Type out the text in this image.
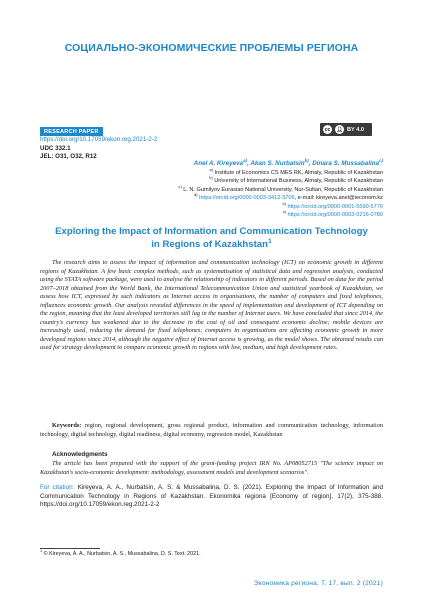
СОЦИАЛЬНО-ЭКОНОМИЧЕСКИЕ ПРОБЛЕМЫ РЕГИОНА
RESEARCH PAPER
https://doi.org/10.17059/ekon.reg.2021-2-2
UDC 332.1
JEL: O31, O32, R12
cc	👤︎ BY 4.0
Anel A. Kireyeva$^{a)}$, Akan S. Nurbatsin$^{b)}$, Dinara S. Mussabalina$^{c)}$
$^{a)}$ Institute of Economics CS MES RK, Almaty, Republic of Kazakhstan
$^{b)}$ University of International Business, Almaty, Republic of Kazakhstan
$^{c)}$ L. N. Gumilyov Eurasian National University, Nur-Sultan, Republic of Kazakhstan
$^{a)}$ https://orcid.org/0000-0003-3412-3706, e-mail: kireyeva.anel@ieconom.kz
$^{b)}$ https://orcid.org/0000-0001-5590-5776
$^{c)}$ https://orcid.org/0000-0003-0216-0780
Exploring the Impact of Information and Communication Technology in Regions of Kazakhstan$^1$
The research aims to assess the impact of information and communication technology (ICT) on economic growth in different regions of Kazakhstan. A few basic complex methods, such as systematisation of statistical data and regression analysis, conducted using the STATA software package, were used to analyse the relationship of indicators in different periods. Based on data for the period 2007–2018 obtained from the World Bank, the International Telecommunication Union and statistical yearbook of Kazakhstan, we assess how ICT, expressed by such indicators as Internet access in organisations, the number of computers and fixed telephones, influences economic growth. Our analysis revealed differences in the speed of implementation and development of ICT depending on the region, meaning that the least developed territories still lag in the number of Internet users. We have concluded that since 2014, the country's currency has weakened due to the decrease in the cost of oil and consequent economic decline; mobile devices are increasingly used, reducing the demand for fixed telephones; computers in organisations are affecting economic growth in more developed regions since 2014, although the negative effect of Internet access is growing, as the model shows. The obtained results can used for strategy development to compare economic growth in regions with low, medium, and high development rates.
Keywords: region, regional development, gross regional product, information and communication technology, information technology, digital technology, digital readiness, digital economy, regression model, Kazakhstan
Acknowledgments
The article has been prepared with the support of the grant-funding project IRN No. AP08052715 "The science impact on Kazakhstan's socio-economic development: methodology, assessment models and development scenarios".
For citation: Kireyeva, A. A., Nurbatsin, A. S. & Mussabalina, D. S. (2021). Exploring the Impact of Information and Communication Technology in Regions of Kazakhstan. Ekonomika regiona [Economy of region], 17(2), 375-388. https://doi.org/10.17059/ekon.reg.2021-2-2
$^1$ © Kireyeva, A. A., Nurbatsin, A. S., Mussabalina, D. S. Text. 2021.
Экономика региона, Т. 17, вып. 2 (2021)
